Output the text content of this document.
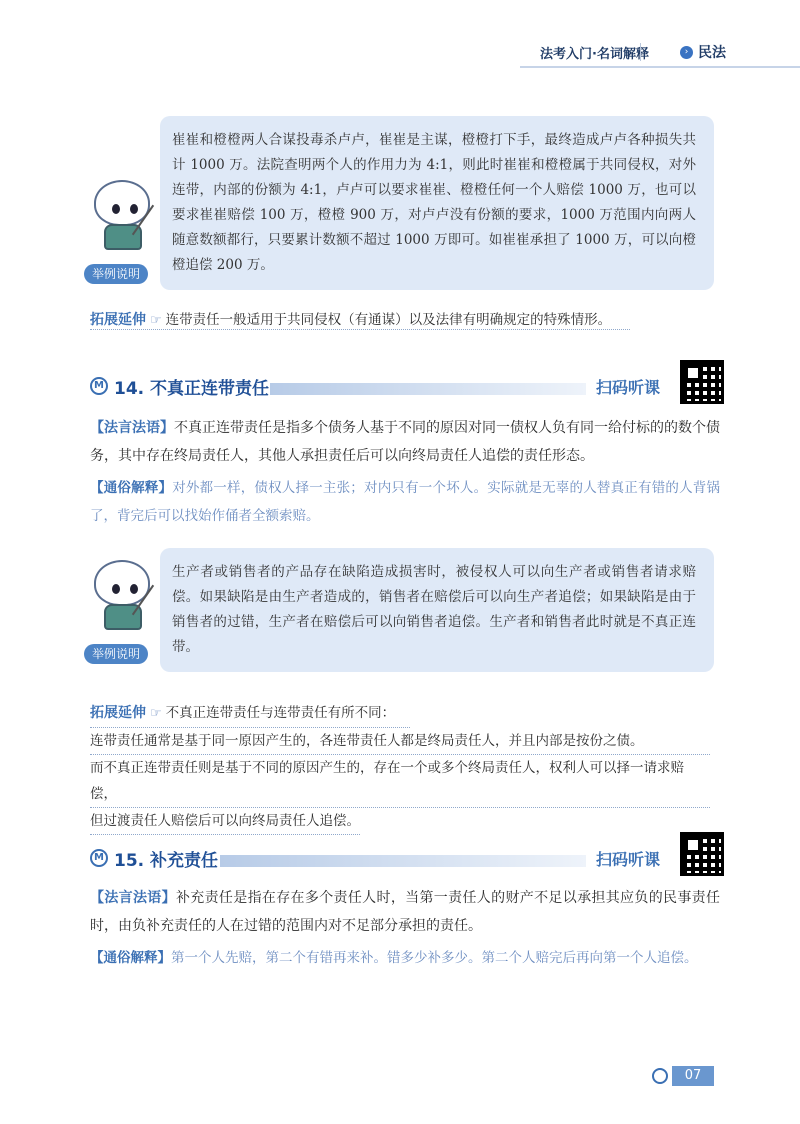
法考入门·名词解释	› 民法

崔崔和橙橙两人合谋投毒杀卢卢，崔崔是主谋，橙橙打下手，最终造成卢卢各种损失共计 1000 万。法院查明两个人的作用力为 4:1，则此时崔崔和橙橙属于共同侵权，对外连带，内部的份额为 4:1，卢卢可以要求崔崔、橙橙任何一个人赔偿 1000 万，也可以要求崔崔赔偿 100 万，橙橙 900 万，对卢卢没有份额的要求，1000 万范围内向两人随意数额都行，只要累计数额不超过 1000 万即可。如崔崔承担了 1000 万，可以向橙橙追偿 200 万。

举例说明
拓展延伸 ☞ 连带责任一般适用于共同侵权（有通谋）以及法律有明确规定的特殊情形。
M 14. 不真正连带责任	扫码听课
【法言法语】不真正连带责任是指多个债务人基于不同的原因对同一债权人负有同一给付标的的数个债务，其中存在终局责任人，其他人承担责任后可以向终局责任人追偿的责任形态。
【通俗解释】对外都一样，债权人择一主张；对内只有一个坏人。实际就是无辜的人替真正有错的人背锅了，背完后可以找始作俑者全额索赔。

生产者或销售者的产品存在缺陷造成损害时，被侵权人可以向生产者或销售者请求赔偿。如果缺陷是由生产者造成的，销售者在赔偿后可以向生产者追偿；如果缺陷是由于销售者的过错，生产者在赔偿后可以向销售者追偿。生产者和销售者此时就是不真正连带。

举例说明
拓展延伸 ☞ 不真正连带责任与连带责任有所不同：
连带责任通常是基于同一原因产生的，各连带责任人都是终局责任人，并且内部是按份之债。
而不真正连带责任则是基于不同的原因产生的，存在一个或多个终局责任人，权利人可以择一请求赔偿，
但过渡责任人赔偿后可以向终局责任人追偿。
M 15. 补充责任	扫码听课
【法言法语】补充责任是指在存在多个责任人时，当第一责任人的财产不足以承担其应负的民事责任时，由负补充责任的人在过错的范围内对不足部分承担的责任。
【通俗解释】第一个人先赔，第二个有错再来补。错多少补多少。第二个人赔完后再向第一个人追偿。
07
